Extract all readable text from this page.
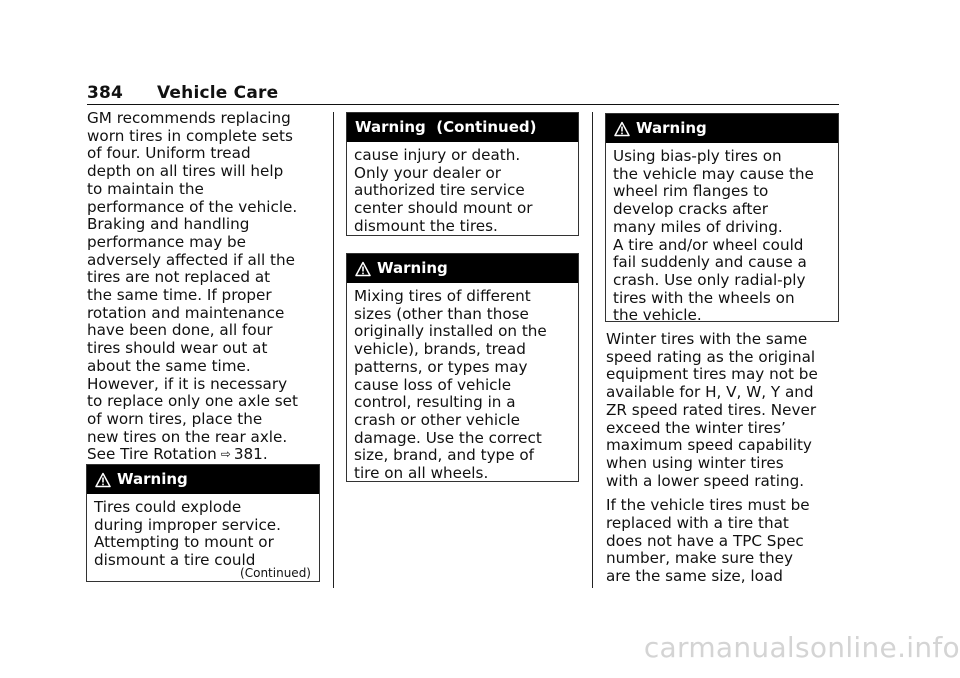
384 Vehicle Care
GM recommends replacing
worn tires in complete sets
of four. Uniform tread
depth on all tires will help
to maintain the
performance of the vehicle.
Braking and handling
performance may be
adversely affected if all the
tires are not replaced at
the same time. If proper
rotation and maintenance
have been done, all four
tires should wear out at
about the same time.
However, if it is necessary
to replace only one axle set
of worn tires, place the
new tires on the rear axle.
See Tire Rotation ⇨ 381.
Warning
Tires could explode
during improper service.
Attempting to mount or
dismount a tire could
(Continued)
Warning  (Continued)
cause injury or death.
Only your dealer or
authorized tire service
center should mount or
dismount the tires.
Warning
Mixing tires of different
sizes (other than those
originally installed on the
vehicle), brands, tread
patterns, or types may
cause loss of vehicle
control, resulting in a
crash or other vehicle
damage. Use the correct
size, brand, and type of
tire on all wheels.
Warning
Using bias-ply tires on
the vehicle may cause the
wheel rim flanges to
develop cracks after
many miles of driving.
A tire and/or wheel could
fail suddenly and cause a
crash. Use only radial-ply
tires with the wheels on
the vehicle.
Winter tires with the same
speed rating as the original
equipment tires may not be
available for H, V, W, Y and
ZR speed rated tires. Never
exceed the winter tires’
maximum speed capability
when using winter tires
with a lower speed rating.
If the vehicle tires must be
replaced with a tire that
does not have a TPC Spec
number, make sure they
are the same size, load
carmanualsonline.info
